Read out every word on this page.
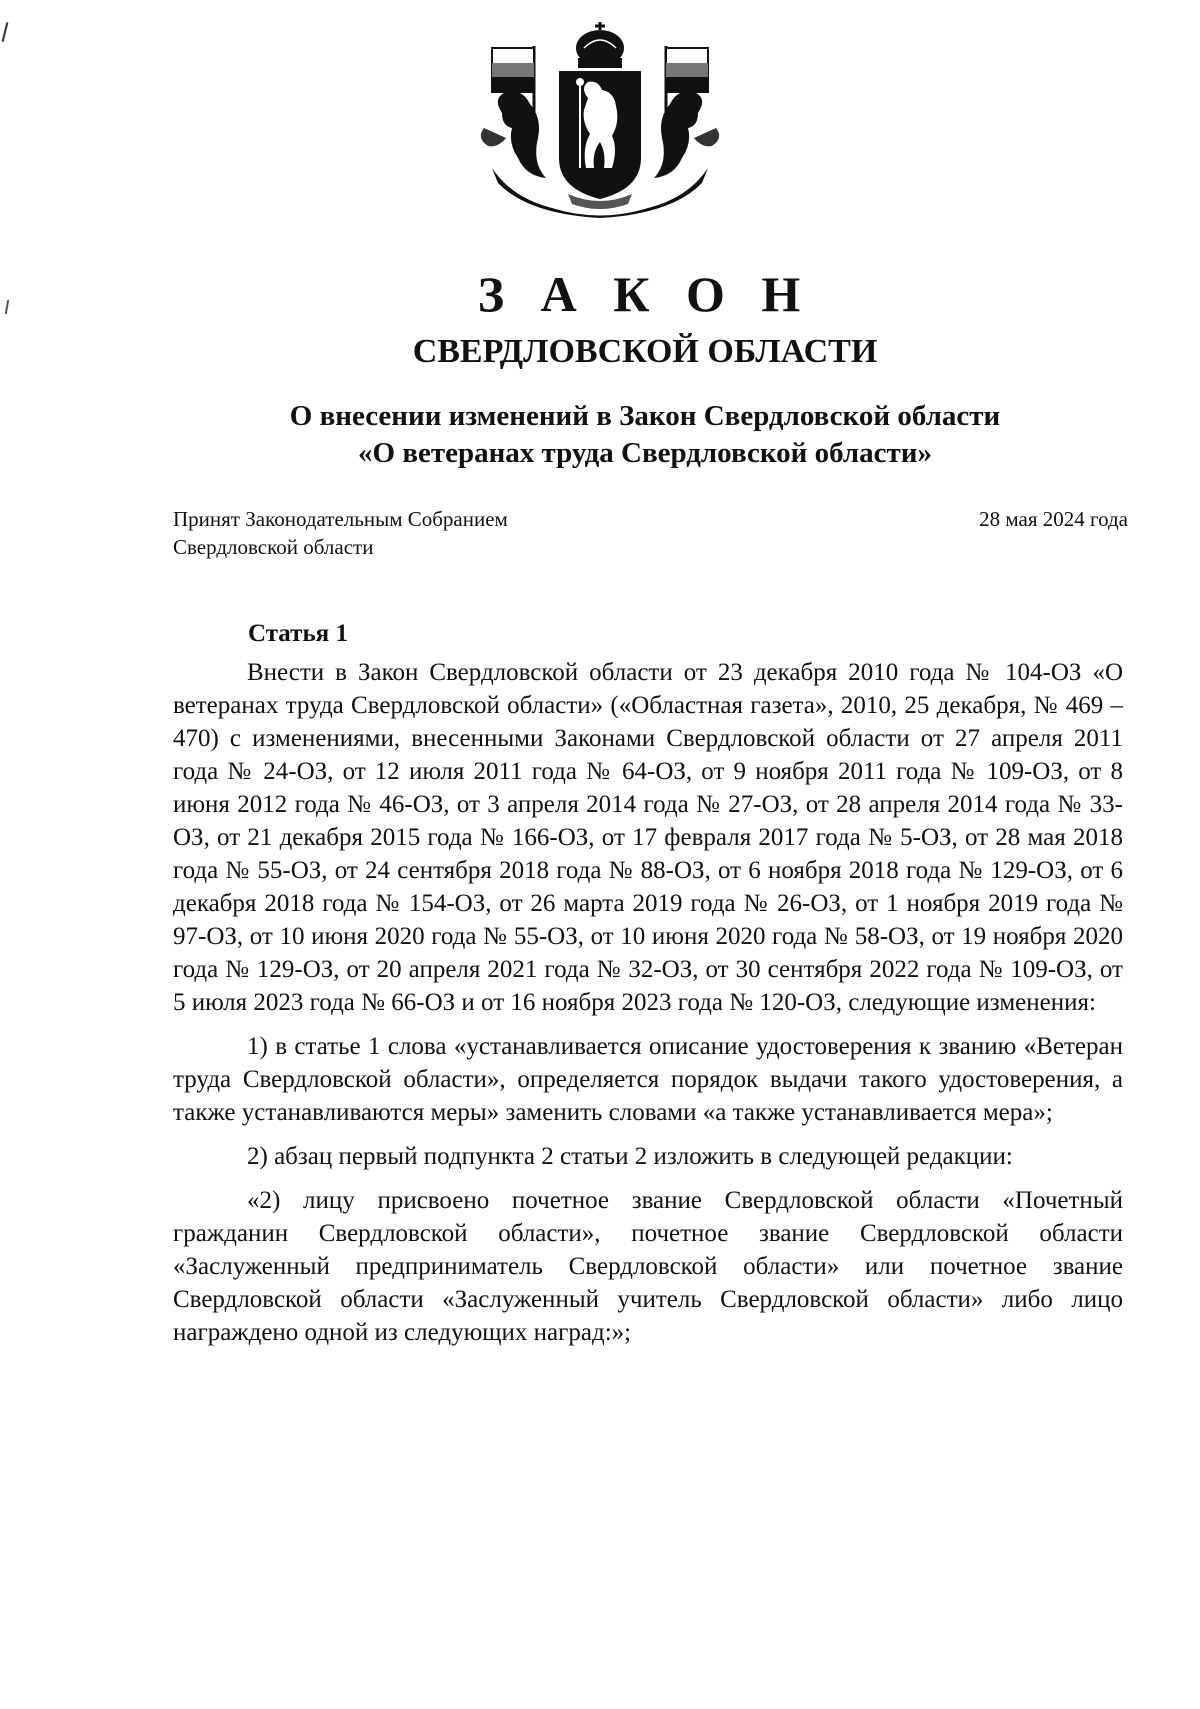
З А К О Н
СВЕРДЛОВСКОЙ ОБЛАСТИ
О внесении изменений в Закон Свердловской области
«О ветеранах труда Свердловской области»
Принят Законодательным Собранием
Свердловской области
28 мая 2024 года
Статья 1

Внести в Закон Свердловской области от 23 декабря 2010 года № 104-ОЗ «О ветеранах труда Свердловской области» («Областная газета», 2010, 25 декабря, № 469 – 470) с изменениями, внесенными Законами Свердловской области от 27 апреля 2011 года № 24-ОЗ, от 12 июля 2011 года № 64-ОЗ, от 9 ноября 2011 года № 109-ОЗ, от 8 июня 2012 года № 46-ОЗ, от 3 апреля 2014 года № 27-ОЗ, от 28 апреля 2014 года № 33-ОЗ, от 21 декабря 2015 года № 166-ОЗ, от 17 февраля 2017 года № 5-ОЗ, от 28 мая 2018 года № 55-ОЗ, от 24 сентября 2018 года № 88-ОЗ, от 6 ноября 2018 года № 129-ОЗ, от 6 декабря 2018 года № 154-ОЗ, от 26 марта 2019 года № 26-ОЗ, от 1 ноября 2019 года № 97-ОЗ, от 10 июня 2020 года № 55-ОЗ, от 10 июня 2020 года № 58-ОЗ, от 19 ноября 2020 года № 129-ОЗ, от 20 апреля 2021 года № 32-ОЗ, от 30 сентября 2022 года № 109-ОЗ, от 5 июля 2023 года № 66-ОЗ и от 16 ноября 2023 года № 120-ОЗ, следующие изменения:

1) в статье 1 слова «устанавливается описание удостоверения к званию «Ветеран труда Свердловской области», определяется порядок выдачи такого удостоверения, а также устанавливаются меры» заменить словами «а также устанавливается мера»;

2) абзац первый подпункта 2 статьи 2 изложить в следующей редакции:

«2) лицу присвоено почетное звание Свердловской области «Почетный гражданин Свердловской области», почетное звание Свердловской области «Заслуженный предприниматель Свердловской области» или почетное звание Свердловской области «Заслуженный учитель Свердловской области» либо лицо награждено одной из следующих наград:»;
